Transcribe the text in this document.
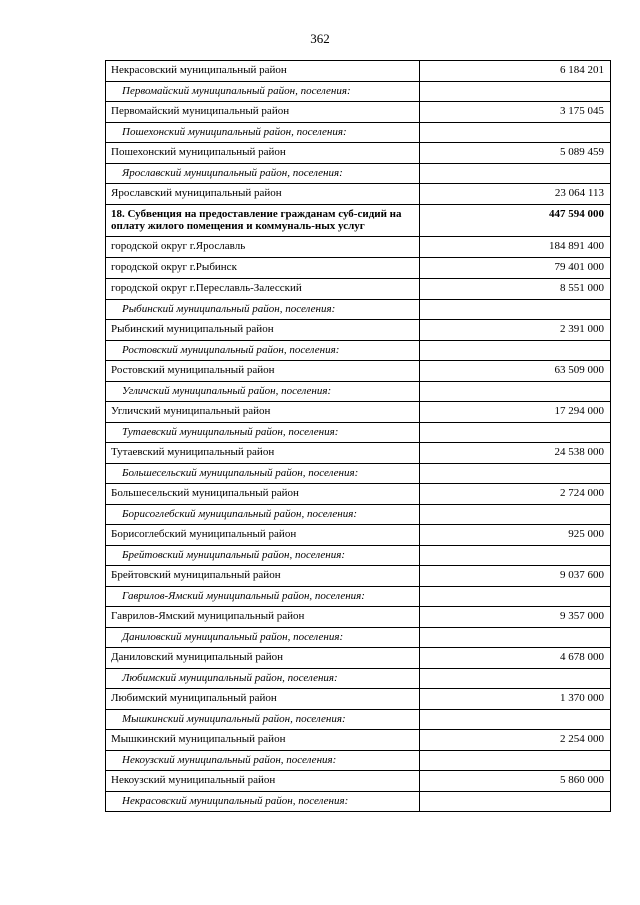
362
Некрасовский муниципальный район	6 184 201
Первомайский муниципальный район, поселения:	
Первомайский муниципальный район	3 175 045
Пошехонский муниципальный район, поселения:	
Пошехонский муниципальный район	5 089 459
Ярославский муниципальный район, поселения:	
Ярославский муниципальный район	23 064 113
18. Субвенция на предоставление гражданам суб-сидий на оплату жилого помещения и коммуналь-ных услуг	447 594 000
городской округ г.Ярославль	184 891 400
городской округ г.Рыбинск	79 401 000
городской округ г.Переславль-Залесский	8 551 000
Рыбинский муниципальный район, поселения:	
Рыбинский муниципальный район	2 391 000
Ростовский муниципальный район, поселения:	
Ростовский муниципальный район	63 509 000
Угличский муниципальный район, поселения:	
Угличский муниципальный район	17 294 000
Тутаевский муниципальный район, поселения:	
Тутаевский муниципальный район	24 538 000
Большесельский муниципальный район, поселения:	
Большесельский муниципальный район	2 724 000
Борисоглебский муниципальный район, поселения:	
Борисоглебский муниципальный район	925 000
Брейтовский муниципальный район, поселения:	
Брейтовский муниципальный район	9 037 600
Гаврилов-Ямский муниципальный район, поселения:	
Гаврилов-Ямский муниципальный район	9 357 000
Даниловский муниципальный район, поселения:	
Даниловский муниципальный район	4 678 000
Любимский муниципальный район, поселения:	
Любимский муниципальный район	1 370 000
Мышкинский муниципальный район, поселения:	
Мышкинский муниципальный район	2 254 000
Некоузский муниципальный район, поселения:	
Некоузский муниципальный район	5 860 000
Некрасовский муниципальный район, поселения:	
